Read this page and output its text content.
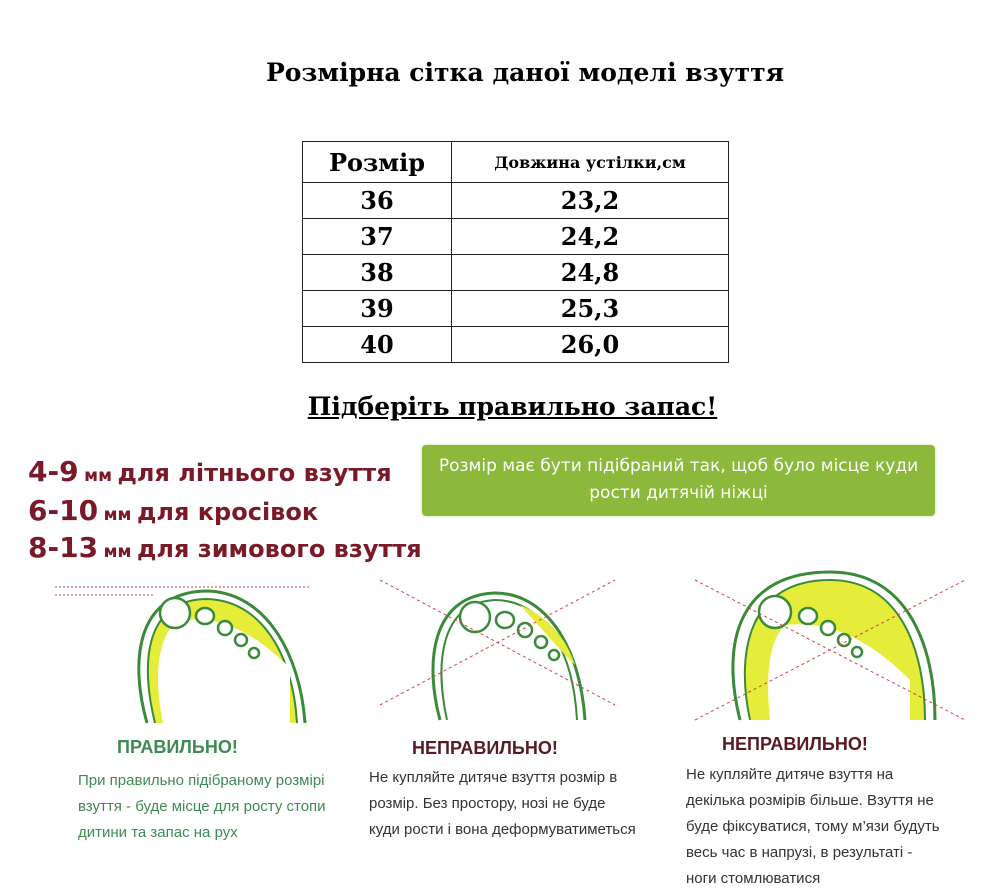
Розмірна сітка даної моделі взуття
Розмір	Довжина устілки,см
36	23,2
37	24,2
38	24,8
39	25,3
40	26,0
Підберіть правильно запас!
4-9 мм для літнього взуття
6-10 мм для кросівок
8-13 мм для зимового взуття
Розмір має бути підібраний так, щоб було місце куди рости дитячій ніжці
ПРАВИЛЬНО!
При правильно підібраному розмірі взуття - буде місце для росту стопи дитини та запас на рух
НЕПРАВИЛЬНО!
Не купляйте дитяче взуття розмір в розмір. Без простору, нозі не буде куди рости і вона деформуватиметься
НЕПРАВИЛЬНО!
Не купляйте дитяче взуття на декілька розмірів більше. Взуття не буде фіксуватися, тому м’язи будуть весь час в напрузі, в результаті - ноги стомлюватися
